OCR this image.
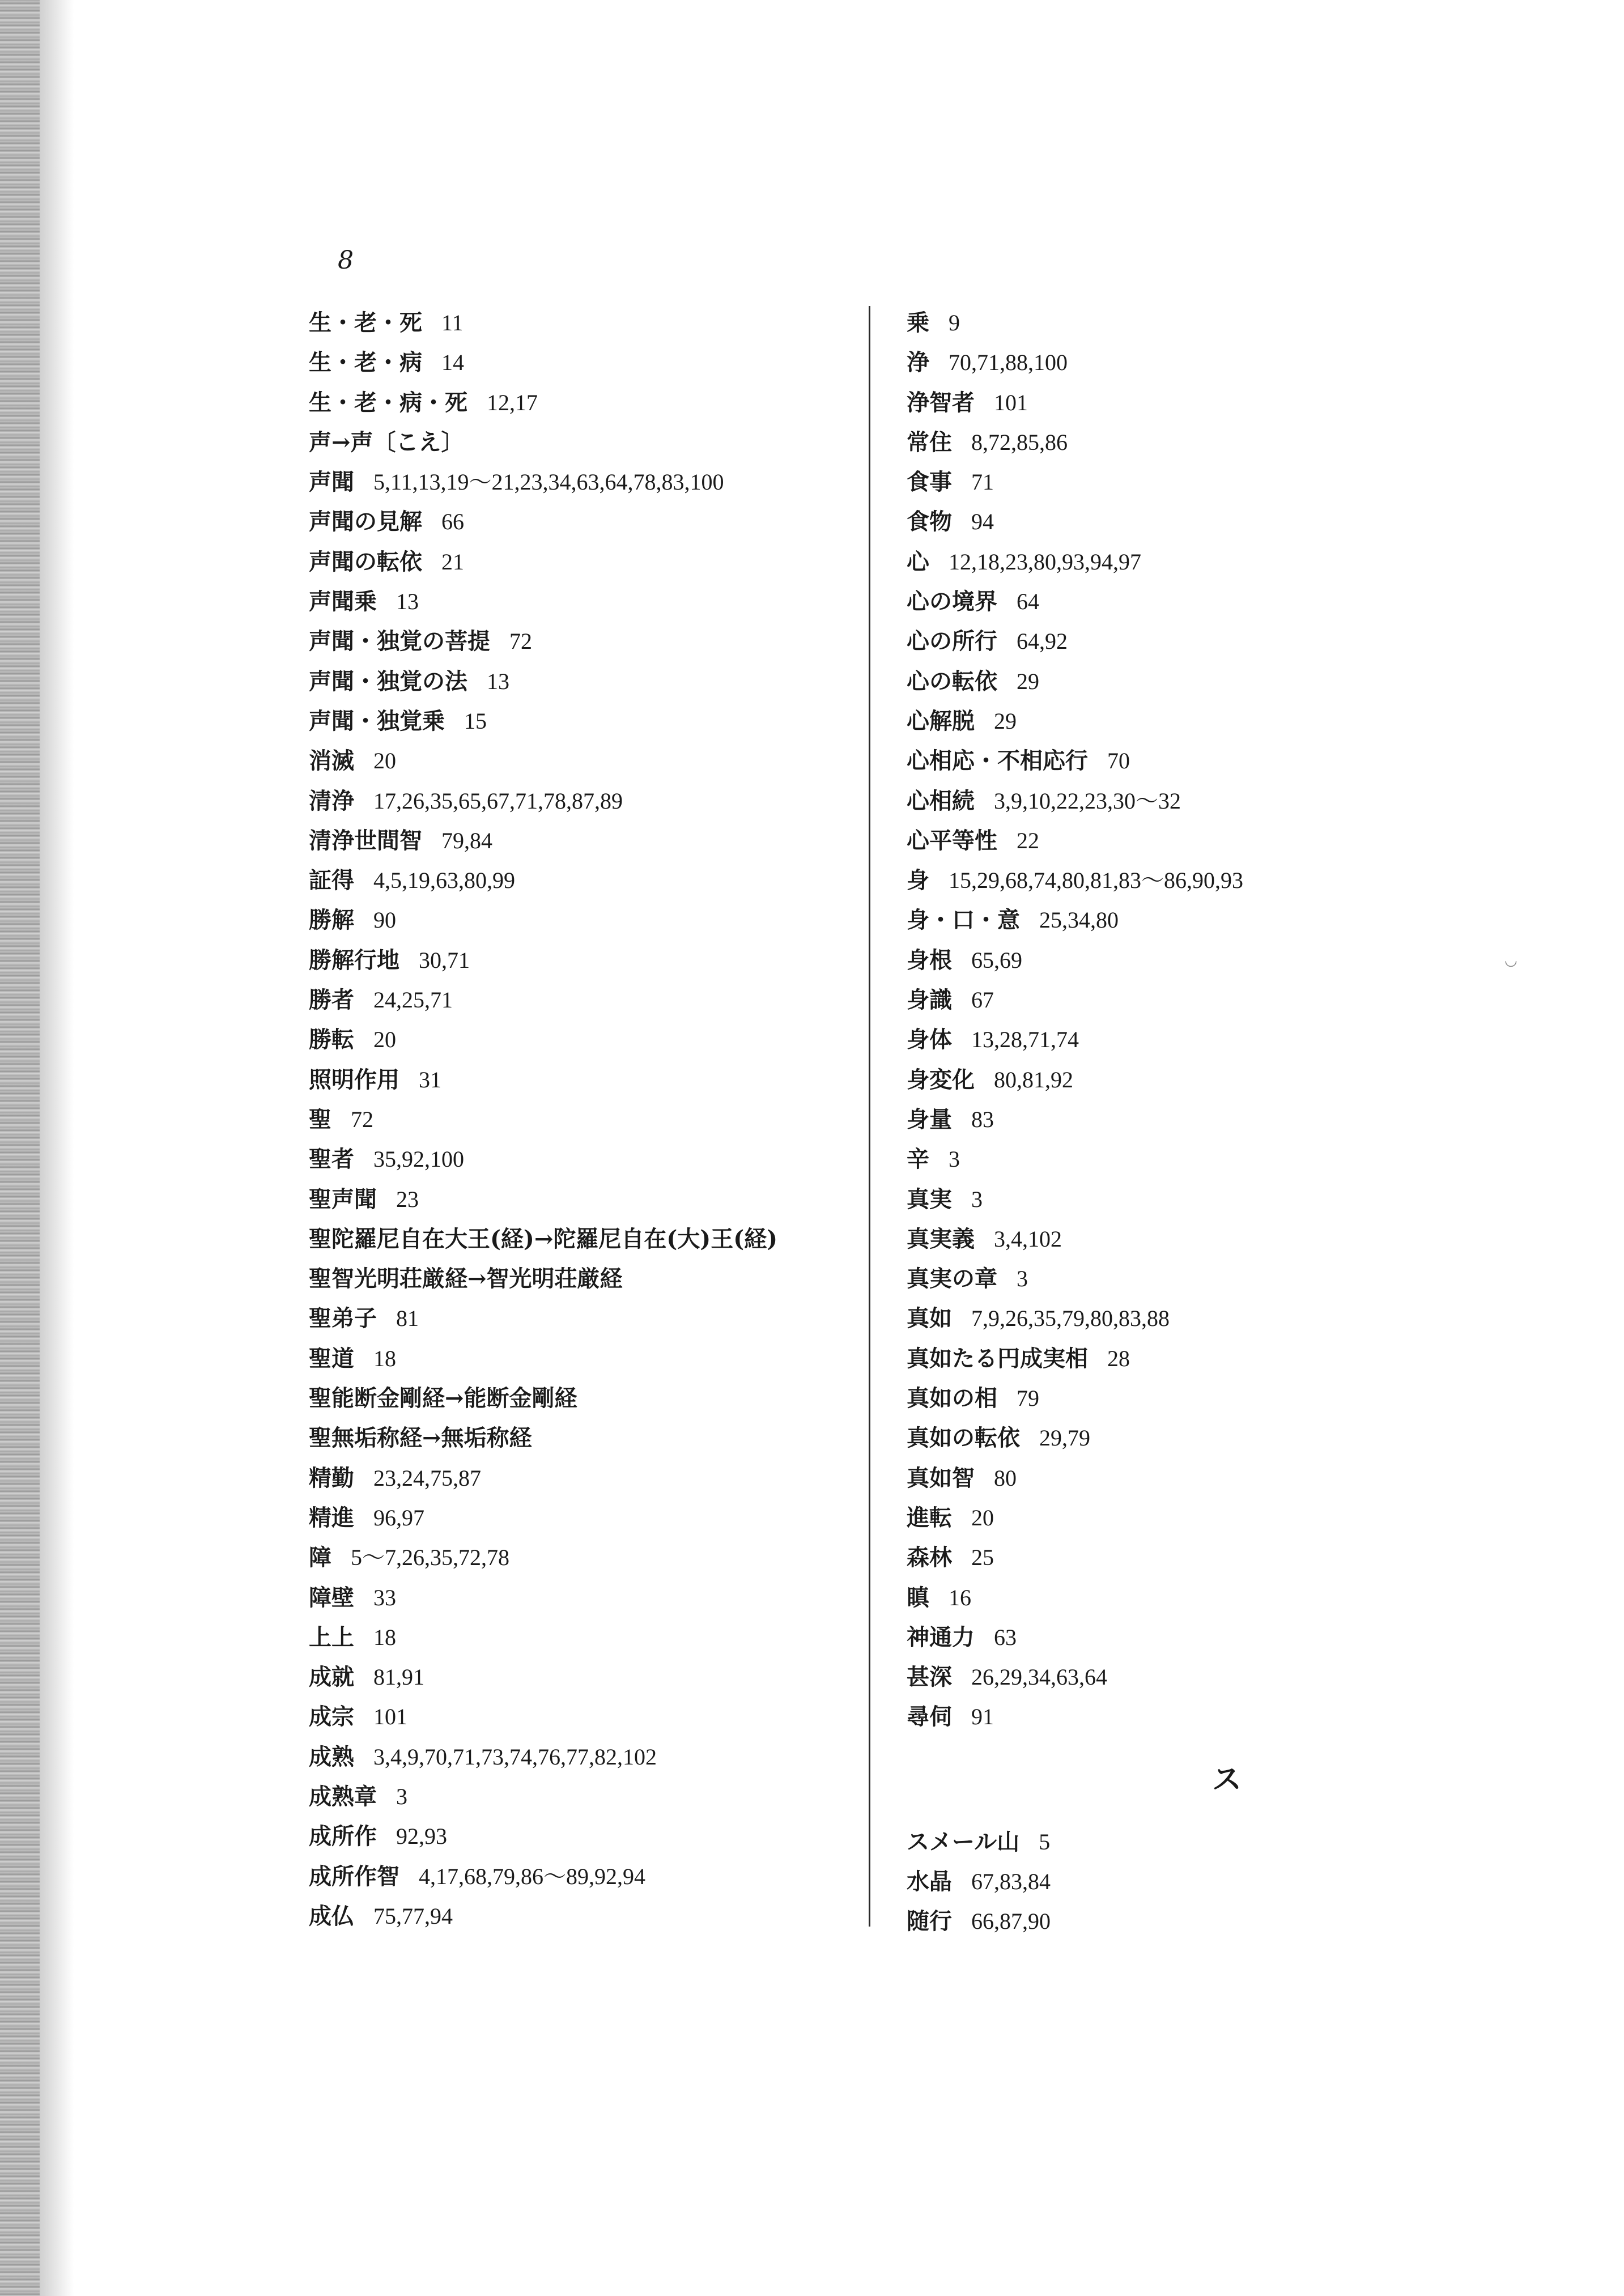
8
生・老・死 11
生・老・病 14
生・老・病・死 12,17
声→声〔こえ〕
声聞 5,11,13,19～21,23,34,63,64,78,83,100
声聞の見解 66
声聞の転依 21
声聞乗 13
声聞・独覚の菩提 72
声聞・独覚の法 13
声聞・独覚乗 15
消滅 20
清浄 17,26,35,65,67,71,78,87,89
清浄世間智 79,84
証得 4,5,19,63,80,99
勝解 90
勝解行地 30,71
勝者 24,25,71
勝転 20
照明作用 31
聖 72
聖者 35,92,100
聖声聞 23
聖陀羅尼自在大王(経)→陀羅尼自在(大)王(経)
聖智光明荘厳経→智光明荘厳経
聖弟子 81
聖道 18
聖能断金剛経→能断金剛経
聖無垢称経→無垢称経
精勤 23,24,75,87
精進 96,97
障 5～7,26,35,72,78
障壁 33
上上 18
成就 81,91
成宗 101
成熟 3,4,9,70,71,73,74,76,77,82,102
成熟章 3
成所作 92,93
成所作智 4,17,68,79,86～89,92,94
成仏 75,77,94
乗 9
浄 70,71,88,100
浄智者 101
常住 8,72,85,86
食事 71
食物 94
心 12,18,23,80,93,94,97
心の境界 64
心の所行 64,92
心の転依 29
心解脱 29
心相応・不相応行 70
心相続 3,9,10,22,23,30～32
心平等性 22
身 15,29,68,74,80,81,83～86,90,93
身・口・意 25,34,80
身根 65,69
身識 67
身体 13,28,71,74
身変化 80,81,92
身量 83
辛 3
真実 3
真実義 3,4,102
真実の章 3
真如 7,9,26,35,79,80,83,88
真如たる円成実相 28
真如の相 79
真如の転依 29,79
真如智 80
進転 20
森林 25
瞋 16
神通力 63
甚深 26,29,34,63,64
尋伺 91
ス
スメール山 5
水晶 67,83,84
随行 66,87,90
◡
